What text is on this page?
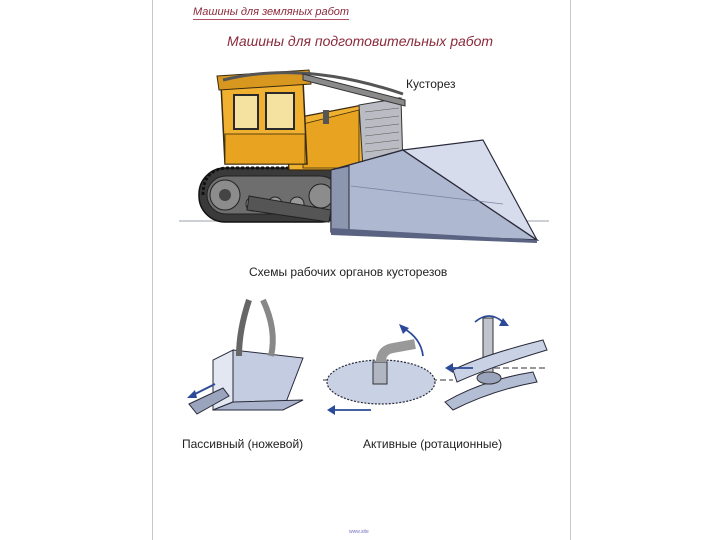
Машины для земляных работ
Машины для подготовительных работ
Кусторез
Схемы рабочих органов кусторезов
Пассивный (ножевой)	Активные (ротационные)
www.site
